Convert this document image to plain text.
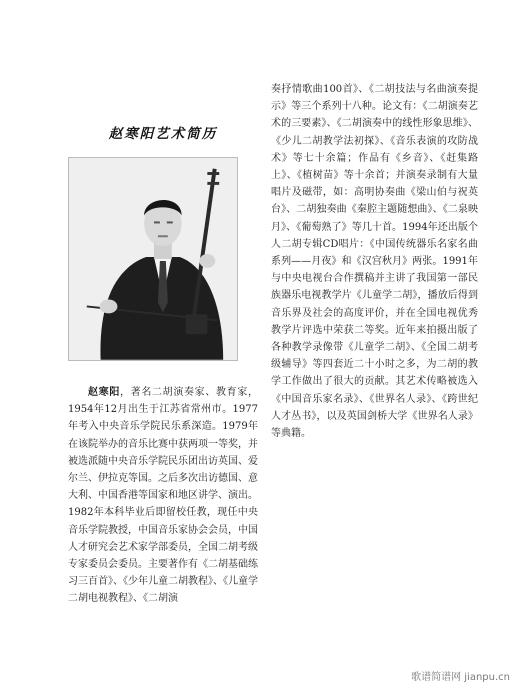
赵寒阳艺术简历

赵寒阳，著名二胡演奏家、教育家，1954年12月出生于江苏省常州市。1977年考入中央音乐学院民乐系深造。1979年在该院举办的音乐比赛中获两项一等奖，并被选派随中央音乐学院民乐团出访英国、爱尔兰、伊拉克等国。之后多次出访德国、意大利、中国香港等国家和地区讲学、演出。1982年本科毕业后即留校任教，现任中央音乐学院教授，中国音乐家协会会员，中国人才研究会艺术家学部委员，全国二胡考级专家委员会委员。主要著作有《二胡基础练习三百首》、《少年儿童二胡教程》、《儿童学二胡电视教程》、《二胡演

奏抒情歌曲100首》、《二胡技法与名曲演奏提示》等三个系列十八种。论文有：《二胡演奏艺术的三要素》、《二胡演奏中的线性形象思维》、《少儿二胡教学法初探》、《音乐表演的攻防战术》等七十余篇；作品有《乡音》、《赶集路上》、《植树苗》等十余首；并演奏录制有大量唱片及磁带，如：高明协奏曲《梁山伯与祝英台》、二胡独奏曲《秦腔主题随想曲》、《二泉映月》、《葡萄熟了》等几十首。1994年还出版个人二胡专辑CD唱片：《中国传统器乐名家名曲系列——月夜》和《汉宫秋月》两张。1991年与中央电视台合作撰稿并主讲了我国第一部民族器乐电视教学片《儿童学二胡》，播放后得到音乐界及社会的高度评价，并在全国电视优秀教学片评选中荣获二等奖。近年来拍摄出版了各种教学录像带《儿童学二胡》、《全国二胡考级辅导》等四套近二十小时之多，为二胡的教学工作做出了很大的贡献。其艺术传略被选入《中国音乐家名录》、《世界名人录》、《跨世纪人才丛书》，以及英国剑桥大学《世界名人录》等典籍。

歌谱简谱网 jianpu.cn
